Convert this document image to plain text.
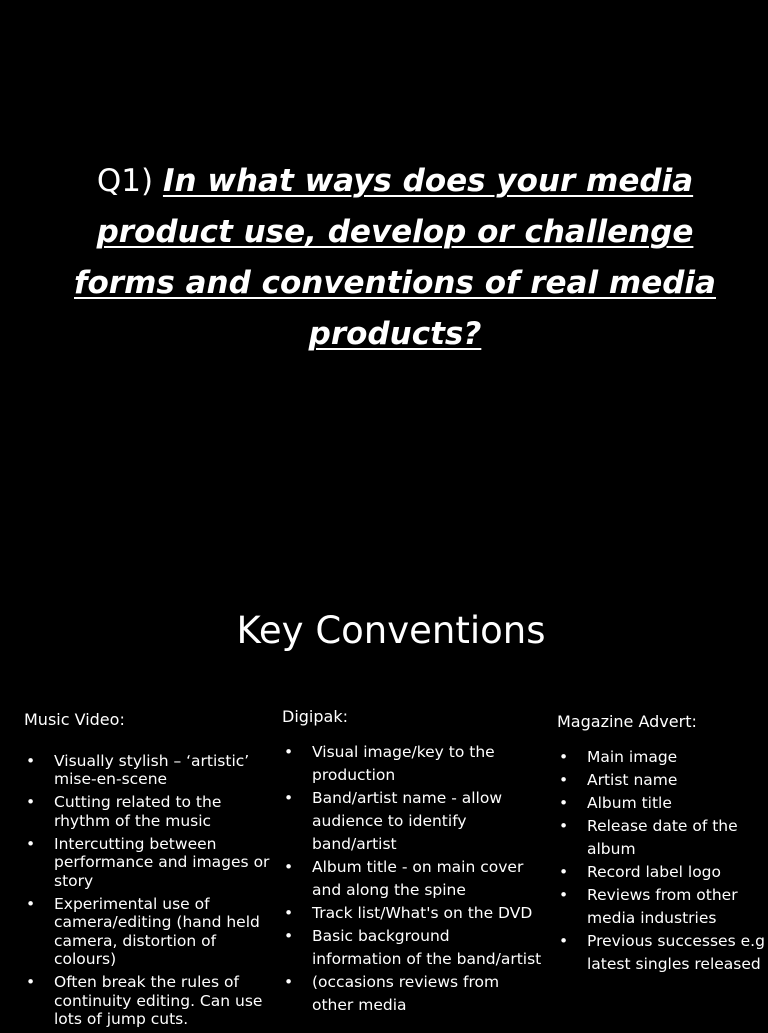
Q1) In what ways does your media product use, develop or challenge forms and conventions of real media products?
Key Conventions
Music Video:
• Visually stylish – ‘artistic’ mise-en-scene
• Cutting related to the rhythm of the music
• Intercutting between performance and images or story
• Experimental use of camera/editing (hand held camera, distortion of colours)
• Often break the rules of continuity editing. Can use lots of jump cuts.
Digipak:
• Visual image/key to the production
• Band/artist name - allow audience to identify band/artist
• Album title - on main cover and along the spine
• Track list/What's on the DVD
• Basic background information of the band/artist
• (occasions reviews from other media
Magazine Advert:
• Main image
• Artist name
• Album title
• Release date of the album
• Record label logo
• Reviews from other media industries
• Previous successes e.g latest singles released
